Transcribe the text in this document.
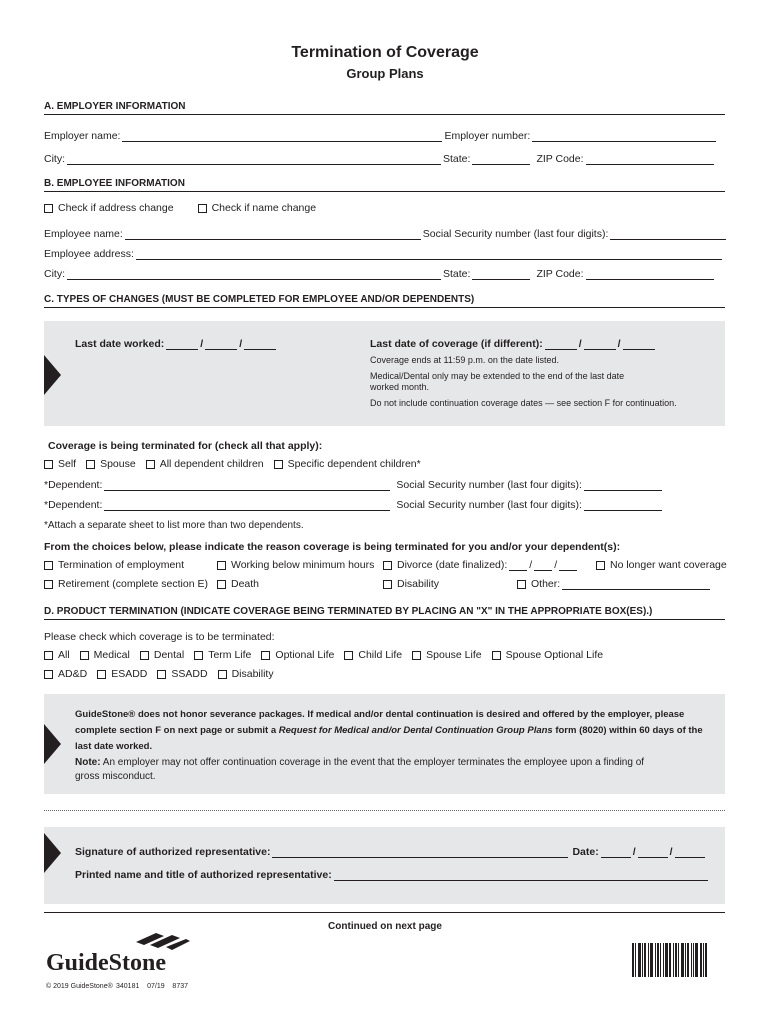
Termination of Coverage
Group Plans
A. EMPLOYER INFORMATION
Employer name:	Employer number:
City:	State:	ZIP Code:
B. EMPLOYEE INFORMATION
Check if address change	Check if name change
Employee name:	Social Security number (last four digits):
Employee address:
City:	State:	ZIP Code:
C. TYPES OF CHANGES (MUST BE COMPLETED FOR EMPLOYEE AND/OR DEPENDENTS)
Last date worked:	/	/	Last date of coverage (if different):	/	/
Coverage ends at 11:59 p.m. on the date listed.
Medical/Dental only may be extended to the end of the last date
worked month.
Do not include continuation coverage dates — see section F for continuation.
Coverage is being terminated for (check all that apply):
Self Spouse All dependent children Specific dependent children*
*Dependent:	Social Security number (last four digits):
*Dependent:	Social Security number (last four digits):
*Attach a separate sheet to list more than two dependents.
From the choices below, please indicate the reason coverage is being terminated for you and/or your dependent(s):
Termination of employment	Working below minimum hours Divorce (date finalized): / /	No longer want coverage
Retirement (complete section E) Death	Disability	Other:
D. PRODUCT TERMINATION (INDICATE COVERAGE BEING TERMINATED BY PLACING AN "X" IN THE APPROPRIATE BOX(ES).)
Please check which coverage is to be terminated:
All Medical Dental Term Life Optional Life Child Life Spouse Life Spouse Optional Life
AD&D ESADD SSADD Disability
GuideStone® does not honor severance packages. If medical and/or dental continuation is desired and offered by the employer, please
complete section F on next page or submit a Request for Medical and/or Dental Continuation Group Plans form (8020) within 60 days of the
last date worked.
Note: An employer may not offer continuation coverage in the event that the employer terminates the employee upon a finding of
gross misconduct.
Signature of authorized representative:	Date:	/	/
Printed name and title of authorized representative:
Continued on next page
GuideStone
© 2019 GuideStone® 340181    07/19    8737
